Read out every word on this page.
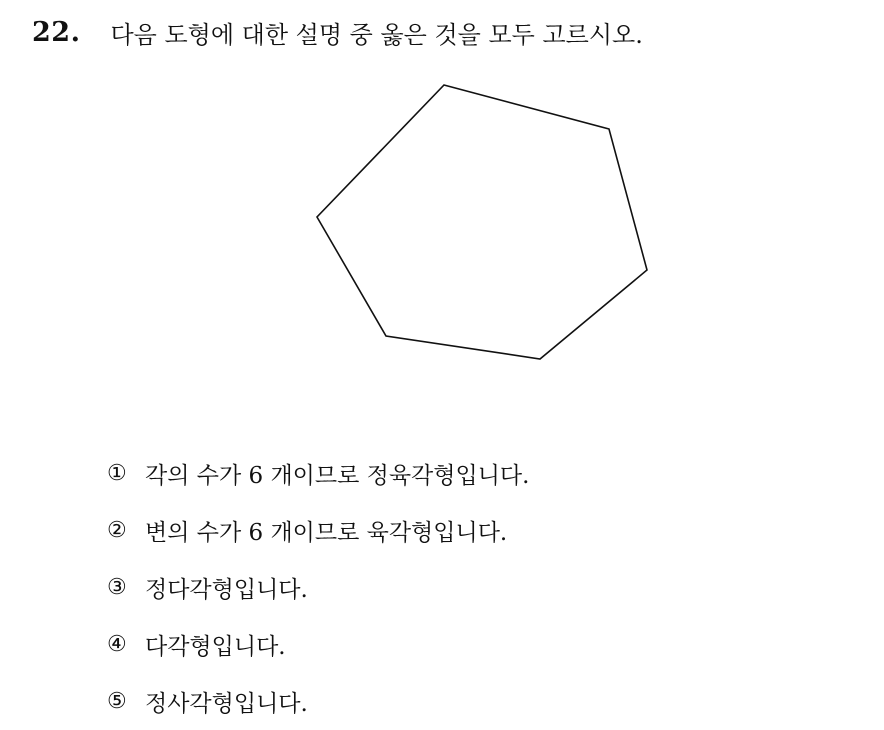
22. 다음 도형에 대한 설명 중 옳은 것을 모두 고르시오.
① 각의 수가 6 개이므로 정육각형입니다.
② 변의 수가 6 개이므로 육각형입니다.
③ 정다각형입니다.
④ 다각형입니다.
⑤ 정사각형입니다.
